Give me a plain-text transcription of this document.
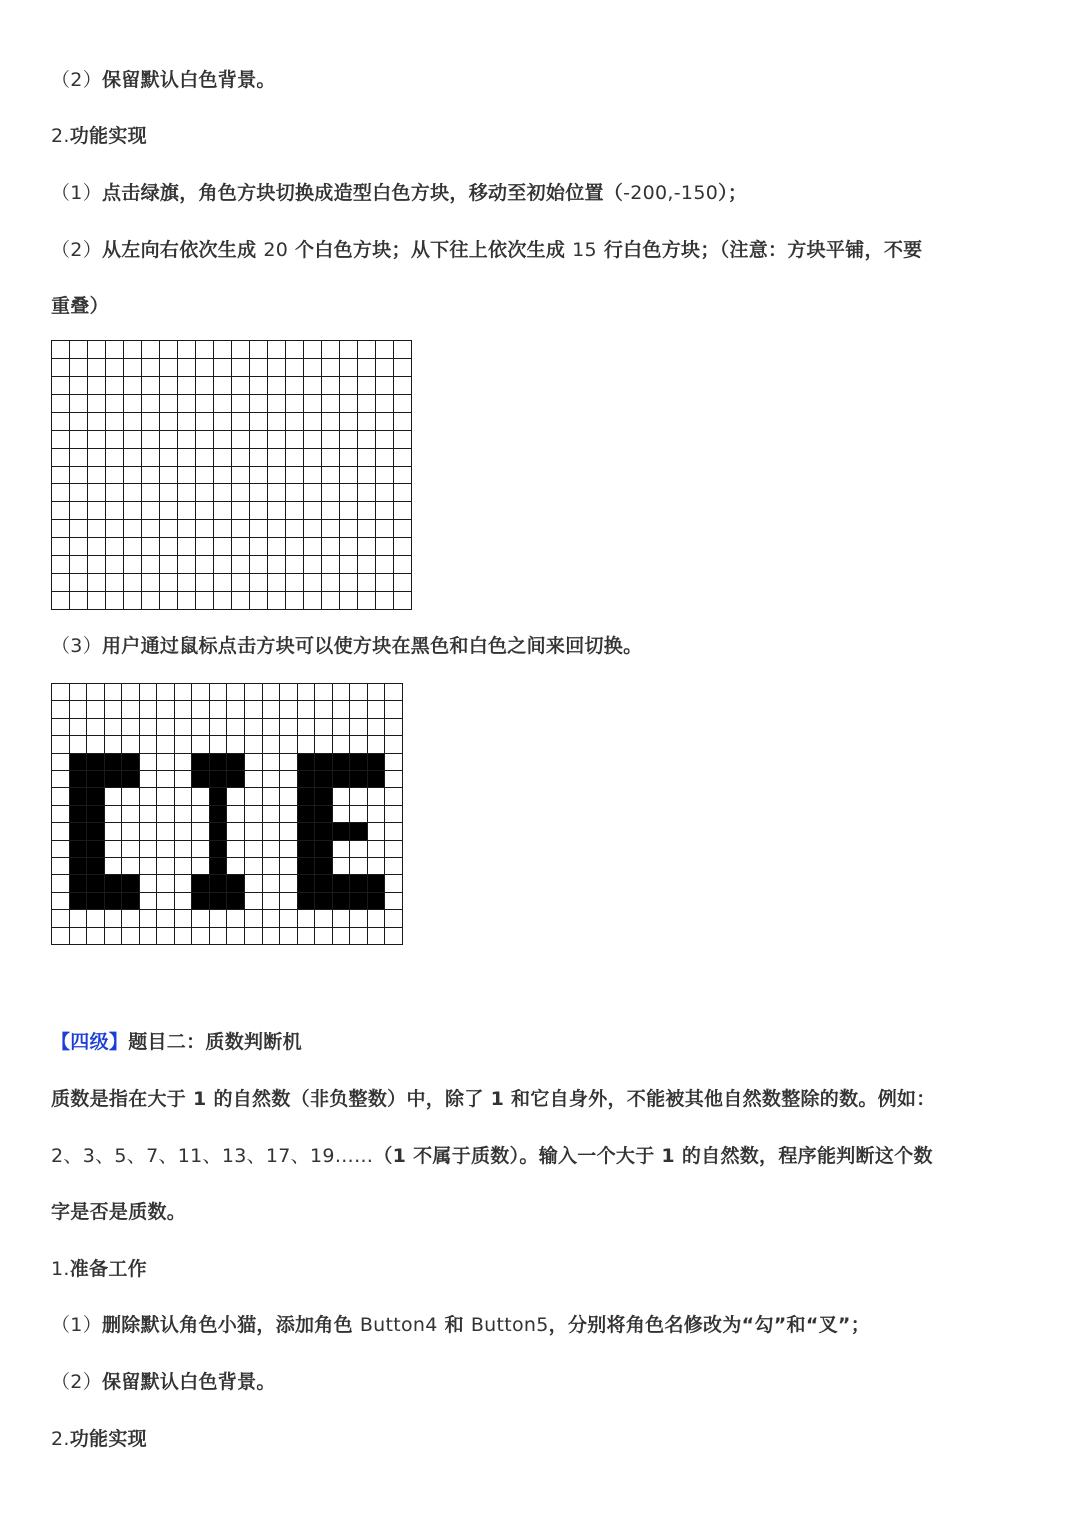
（2）保留默认白色背景。
2.功能实现
（1）点击绿旗，角色方块切换成造型白色方块，移动至初始位置（-200,-150）；
（2）从左向右依次生成 20 个白色方块；从下往上依次生成 15 行白色方块；（注意：方块平铺，不要
重叠）
（3）用户通过鼠标点击方块可以使方块在黑色和白色之间来回切换。
【四级】题目二：质数判断机
质数是指在大于 1 的自然数（非负整数）中，除了 1 和它自身外，不能被其他自然数整除的数。例如：
2、3、5、7、11、13、17、19……（1 不属于质数）。输入一个大于 1 的自然数，程序能判断这个数
字是否是质数。
1.准备工作
（1）删除默认角色小猫，添加角色 Button4 和 Button5，分别将角色名修改为“勾”和“叉”；
（2）保留默认白色背景。
2.功能实现
